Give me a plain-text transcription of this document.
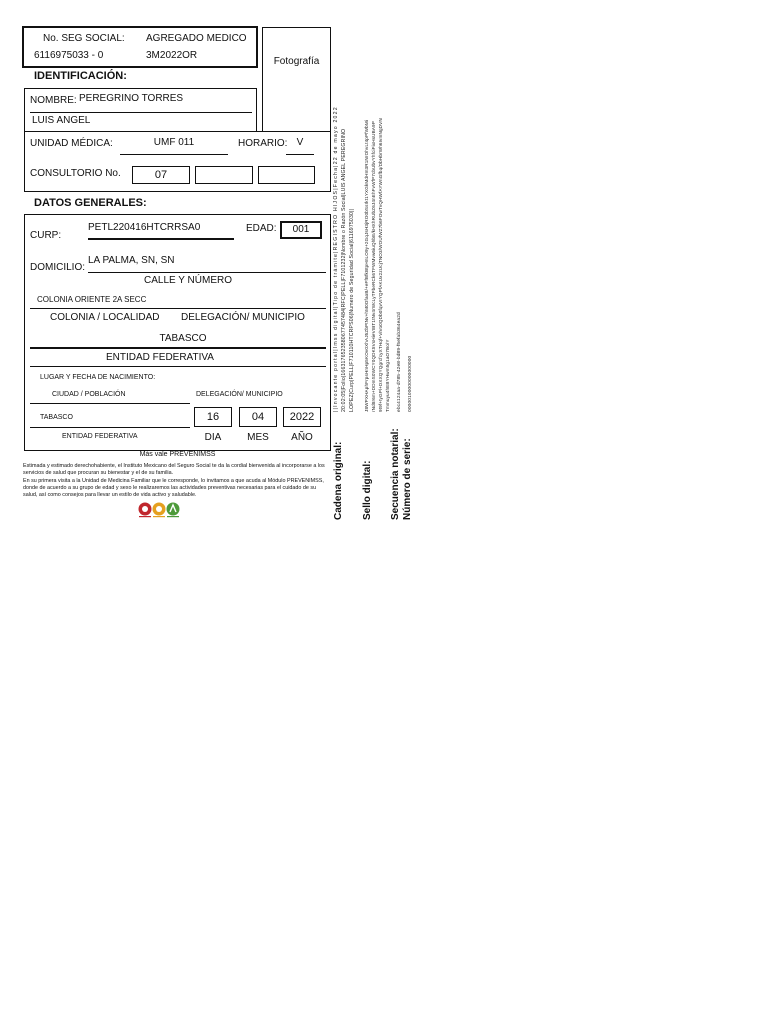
No. SEG SOCIAL:
6116975033 - 0
AGREGADO MEDICO
3M2022OR
Fotografía
IDENTIFICACIÓN:
NOMBRE: PEREGRINO TORRES
LUIS ANGEL
UNIDAD MÉDICA:	UMF 011	HORARIO: V
CONSULTORIO No.	07
DATOS GENERALES:
CURP:
PETL220416HTCRRSA0	EDAD:	001
DOMICILIO:
LA PALMA, SN, SN
CALLE Y NÚMERO
COLONIA ORIENTE 2A SECC
COLONIA / LOCALIDAD DELEGACIÓN/ MUNICIPIO
TABASCO
ENTIDAD FEDERATIVA
LUGAR Y FECHA DE NACIMIENTO:
CIUDAD / POBLACIÓN	DELEGACIÓN/ MUNICIPIO
TABASCO
ENTIDAD FEDERATIVA
16	04	2022
DIA	MES	AÑO
Más vale PREVENIMSS
Estimada y estimado derechohabiente, el Instituto Mexicano del Seguro Social te da la cordial bienvenida al incorporarse a los servicios de salud que procuran su bienestar y el de su familia.
En su primera visita a la Unidad de Medicina Familiar que le corresponde, lo invitamos a que acuda al Módulo PREVENIMSS, donde de acuerdo a su grupo de edad y sexo le realizaremos las actividades preventivas necesarias para el cuidado de su salud, así como consejos para llevar un estilo de vida activo y saludable.	Cadena original:
||Invocante portal|Imss digital|Tipo de trámite|REGISTRO HIJOS|Fecha|22 de mayo 2022 20:02:05|Folio|1663176523580677457484|RFC|PELL|F7101232|Nombre o Razón Social|LUIS ANGEL PEREGRINO LOPEZ|Curp|PELL|F710110HTCRPS06|Numero de Seguridad Social|6116975030||
Sello digital:
J8WPXHAphFrpsHnHp5KOv0XhAJ5ZbPtNv+hM0OfaoB/+eFfBfkBtpHnLO9y+2GqJsH3jRO0bSsrkt1YXGkMdHm3R1NrOhvLt4pPfWbMi rNd8r6m+DDmS0WCY0QDK5VsHieVIBT1tNv4rWcLyTFbeRCk6TFWMvw6iuQhbE/kHXhRUbZ6J4nEhFvWfP7cbUbvYhfciFixHsUBA9P 9t9f+tyGPl+DXXQYQgrcfcyXTHqf+ViVo0QDb0fqvVIYQPfAKUx2zUcjTNO3/WOUfWZ7b6FOwTvQHWfAYWnGfbq/DbHbrWh6IvmNgDVN Tmmuyu4hEBYHwm5g1aO7Bo/Y
Secuencia notarial:
ebc4124aa-d785-42e8-bd89-f5efab364ea2d
Número de serie:
00000100000000000000
